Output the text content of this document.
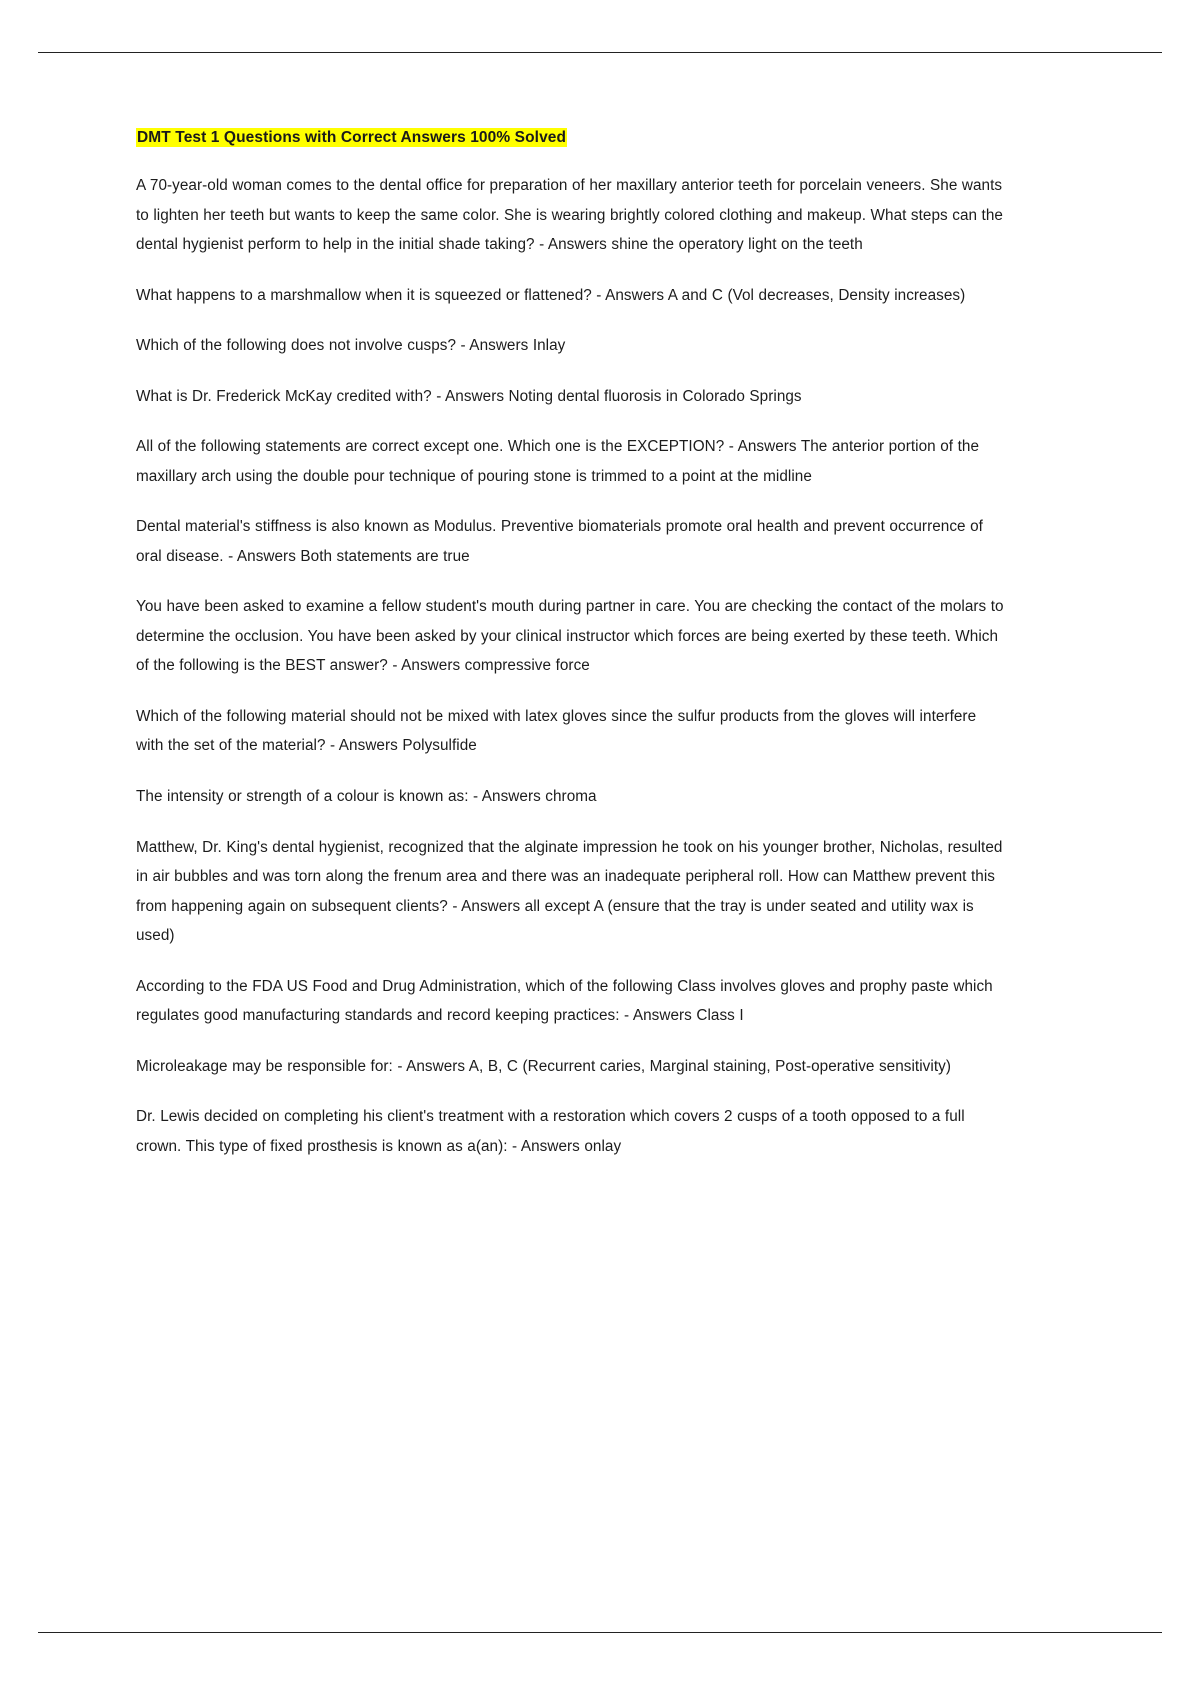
DMT Test 1 Questions with Correct Answers 100% Solved

A 70-year-old woman comes to the dental office for preparation of her maxillary anterior teeth for porcelain veneers. She wants to lighten her teeth but wants to keep the same color. She is wearing brightly colored clothing and makeup. What steps can the dental hygienist perform to help in the initial shade taking? - Answers shine the operatory light on the teeth

What happens to a marshmallow when it is squeezed or flattened? - Answers A and C (Vol decreases, Density increases)

Which of the following does not involve cusps? - Answers Inlay

What is Dr. Frederick McKay credited with? - Answers Noting dental fluorosis in Colorado Springs

All of the following statements are correct except one. Which one is the EXCEPTION? - Answers The anterior portion of the maxillary arch using the double pour technique of pouring stone is trimmed to a point at the midline

Dental material's stiffness is also known as Modulus. Preventive biomaterials promote oral health and prevent occurrence of oral disease. - Answers Both statements are true

You have been asked to examine a fellow student's mouth during partner in care. You are checking the contact of the molars to determine the occlusion. You have been asked by your clinical instructor which forces are being exerted by these teeth. Which of the following is the BEST answer? - Answers compressive force

Which of the following material should not be mixed with latex gloves since the sulfur products from the gloves will interfere with the set of the material? - Answers Polysulfide

The intensity or strength of a colour is known as: - Answers chroma

Matthew, Dr. King's dental hygienist, recognized that the alginate impression he took on his younger brother, Nicholas, resulted in air bubbles and was torn along the frenum area and there was an inadequate peripheral roll. How can Matthew prevent this from happening again on subsequent clients? - Answers all except A (ensure that the tray is under seated and utility wax is used)

According to the FDA US Food and Drug Administration, which of the following Class involves gloves and prophy paste which regulates good manufacturing standards and record keeping practices: - Answers Class I

Microleakage may be responsible for: - Answers A, B, C (Recurrent caries, Marginal staining, Post-operative sensitivity)

Dr. Lewis decided on completing his client's treatment with a restoration which covers 2 cusps of a tooth opposed to a full crown. This type of fixed prosthesis is known as a(an): - Answers onlay
